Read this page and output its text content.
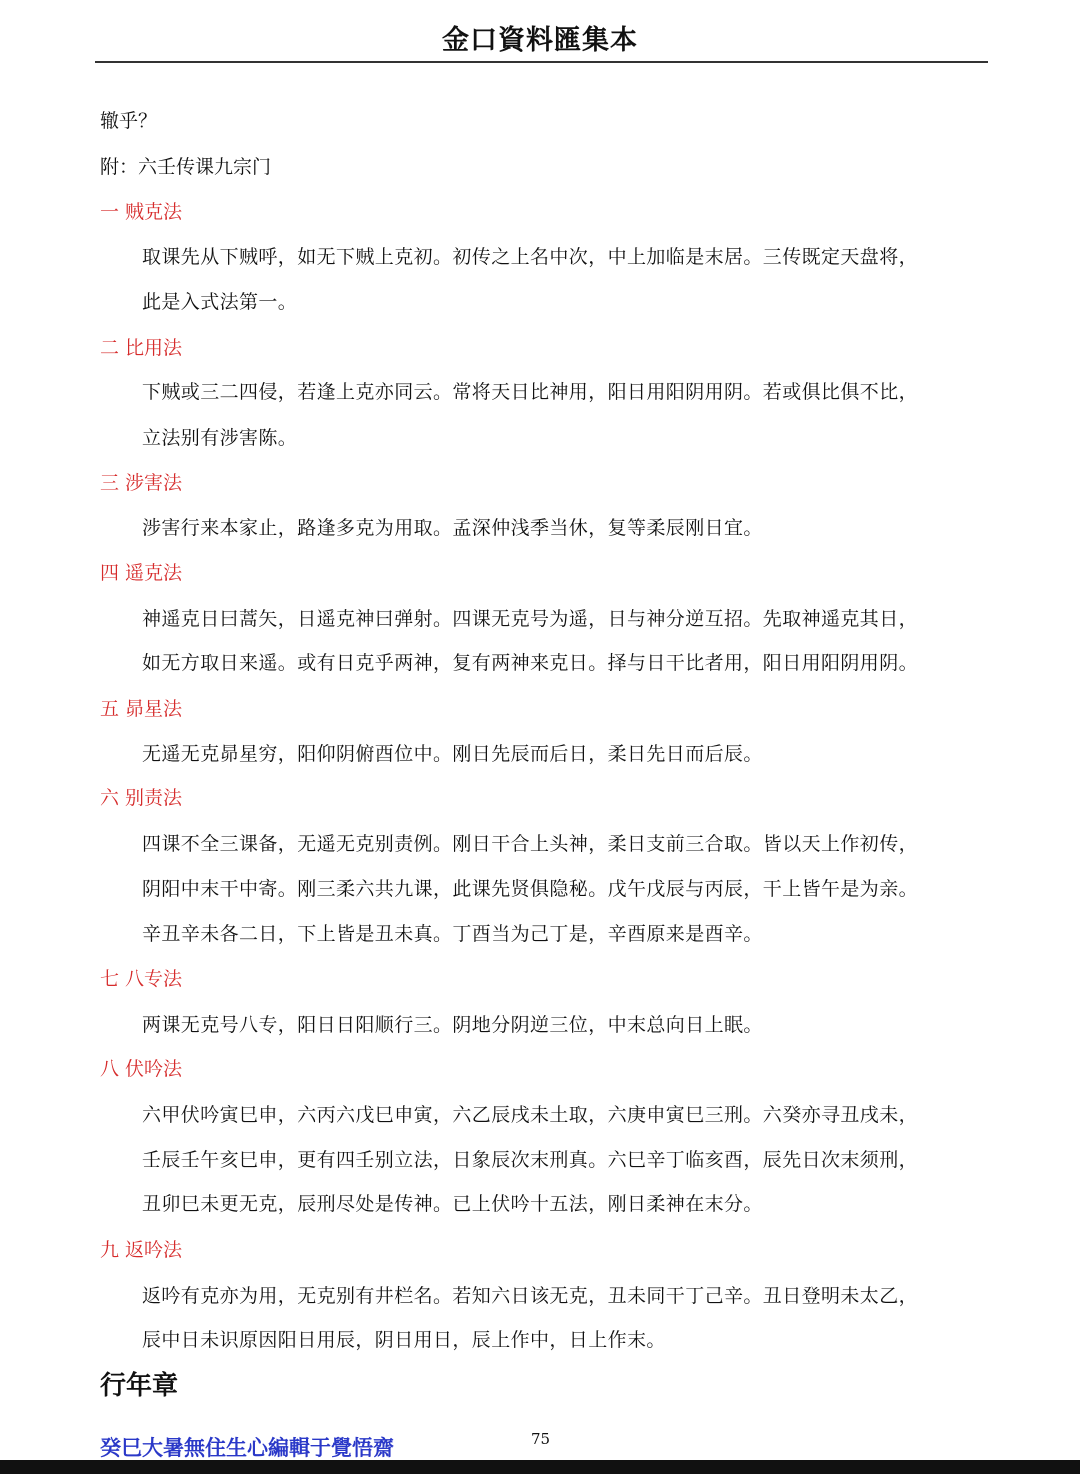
金口資料匯集本
辙乎？
附：六壬传课九宗门
一 贼克法
取课先从下贼呼，如无下贼上克初。初传之上名中次，中上加临是末居。三传既定天盘将，
此是入式法第一。
二 比用法
下贼或三二四侵，若逢上克亦同云。常将天日比神用，阳日用阳阴用阴。若或俱比俱不比，
立法别有涉害陈。
三 涉害法
涉害行来本家止，路逢多克为用取。孟深仲浅季当休，复等柔辰刚日宜。
四 遥克法
神遥克日曰蒿矢，日遥克神曰弹射。四课无克号为遥，日与神分逆互招。先取神遥克其日，
如无方取日来遥。或有日克乎两神，复有两神来克日。择与日干比者用，阳日用阳阴用阴。
五 昴星法
无遥无克昴星穷，阳仰阴俯酉位中。刚日先辰而后日，柔日先日而后辰。
六 别责法
四课不全三课备，无遥无克别责例。刚日干合上头神，柔日支前三合取。皆以天上作初传，
阴阳中末干中寄。刚三柔六共九课，此课先贤俱隐秘。戊午戊辰与丙辰，干上皆午是为亲。
辛丑辛未各二日，下上皆是丑未真。丁酉当为己丁是，辛酉原来是酉辛。
七 八专法
两课无克号八专，阳日日阳顺行三。阴地分阴逆三位，中末总向日上眠。
八 伏吟法
六甲伏吟寅巳申，六丙六戊巳申寅，六乙辰戌未土取，六庚申寅巳三刑。六癸亦寻丑戌未，
壬辰壬午亥巳申，更有四壬别立法，日象辰次末刑真。六巳辛丁临亥酉，辰先日次末须刑，
丑卯巳未更无克，辰刑尽处是传神。已上伏吟十五法，刚日柔神在末分。
九 返吟法
返吟有克亦为用，无克别有井栏名。若知六日该无克，丑未同干丁己辛。丑日登明未太乙，
辰中日未识原因阳日用辰，阴日用日，辰上作中，日上作末。
行年章
癸巳大暑無住生心編輯于覺悟齋	75
